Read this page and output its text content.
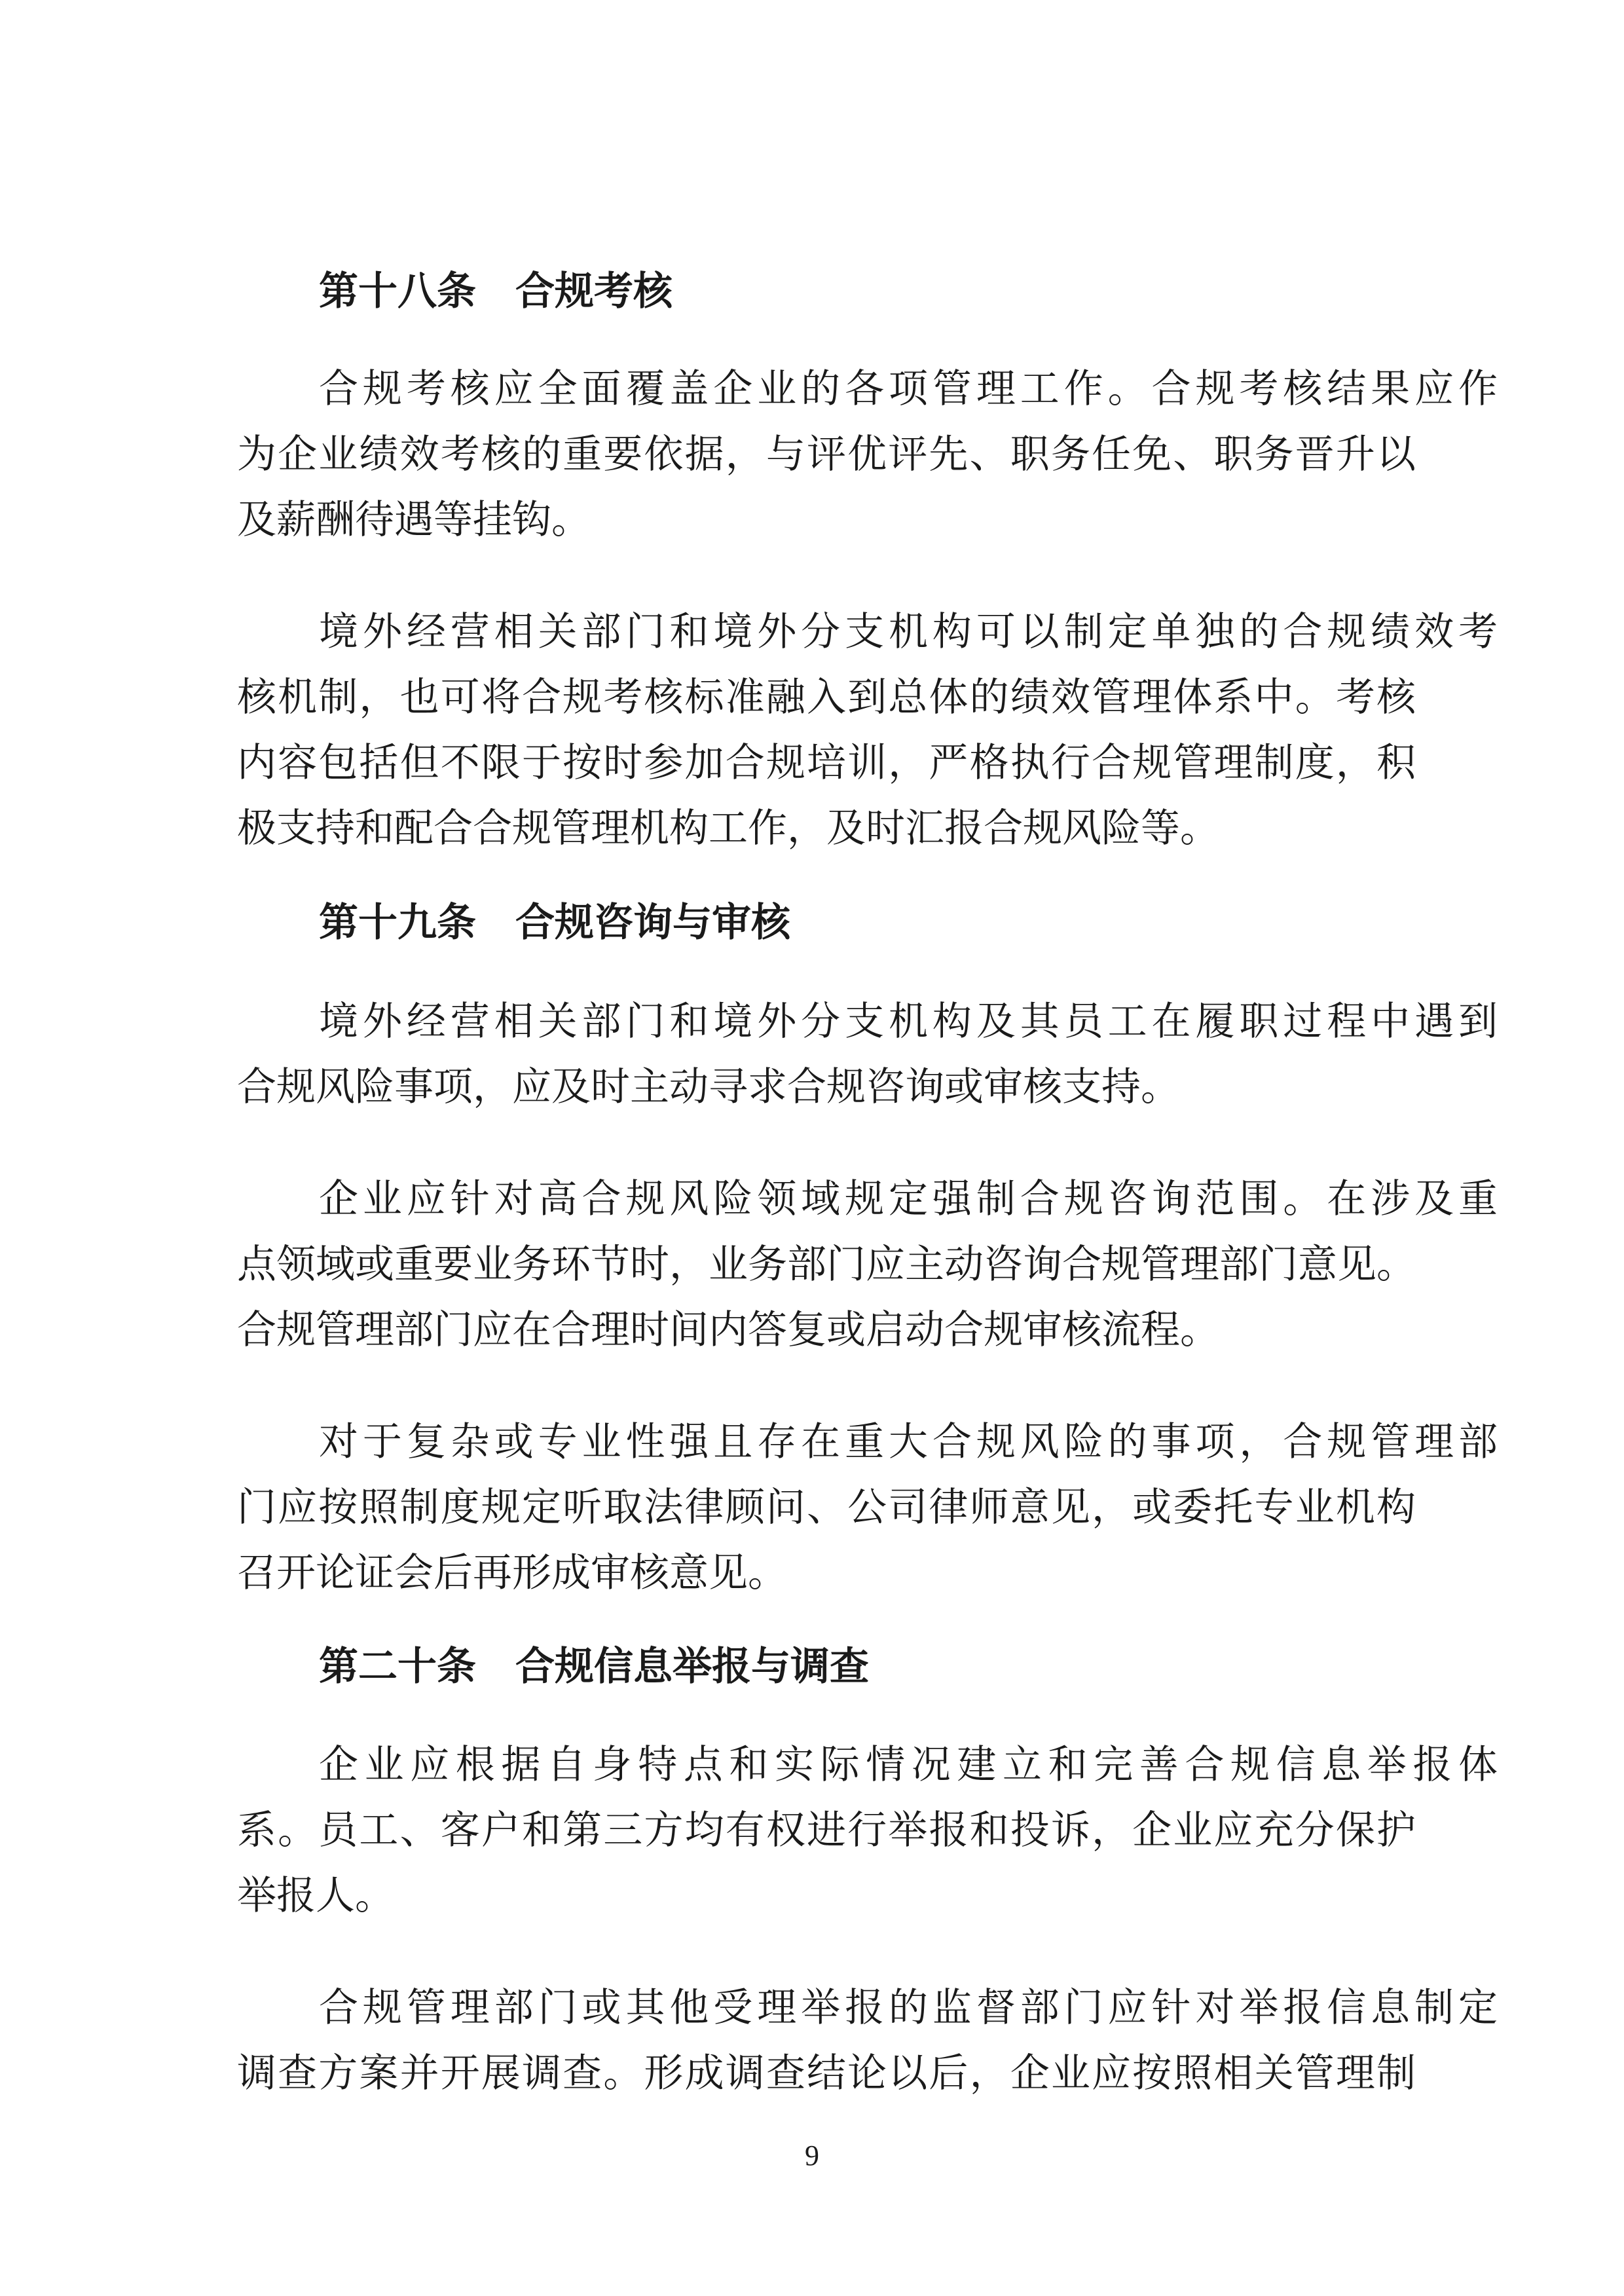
第十八条 合规考核
合规考核应全面覆盖企业的各项管理工作。合规考核结果应作
为企业绩效考核的重要依据，与评优评先、职务任免、职务晋升以
及薪酬待遇等挂钩。
境外经营相关部门和境外分支机构可以制定单独的合规绩效考
核机制，也可将合规考核标准融入到总体的绩效管理体系中。考核
内容包括但不限于按时参加合规培训，严格执行合规管理制度，积
极支持和配合合规管理机构工作，及时汇报合规风险等。
第十九条 合规咨询与审核
境外经营相关部门和境外分支机构及其员工在履职过程中遇到
合规风险事项，应及时主动寻求合规咨询或审核支持。
企业应针对高合规风险领域规定强制合规咨询范围。在涉及重
点领域或重要业务环节时，业务部门应主动咨询合规管理部门意见。
合规管理部门应在合理时间内答复或启动合规审核流程。
对于复杂或专业性强且存在重大合规风险的事项，合规管理部
门应按照制度规定听取法律顾问、公司律师意见，或委托专业机构
召开论证会后再形成审核意见。
第二十条 合规信息举报与调查
企业应根据自身特点和实际情况建立和完善合规信息举报体
系。员工、客户和第三方均有权进行举报和投诉，企业应充分保护
举报人。
合规管理部门或其他受理举报的监督部门应针对举报信息制定
调查方案并开展调查。形成调查结论以后，企业应按照相关管理制
9
